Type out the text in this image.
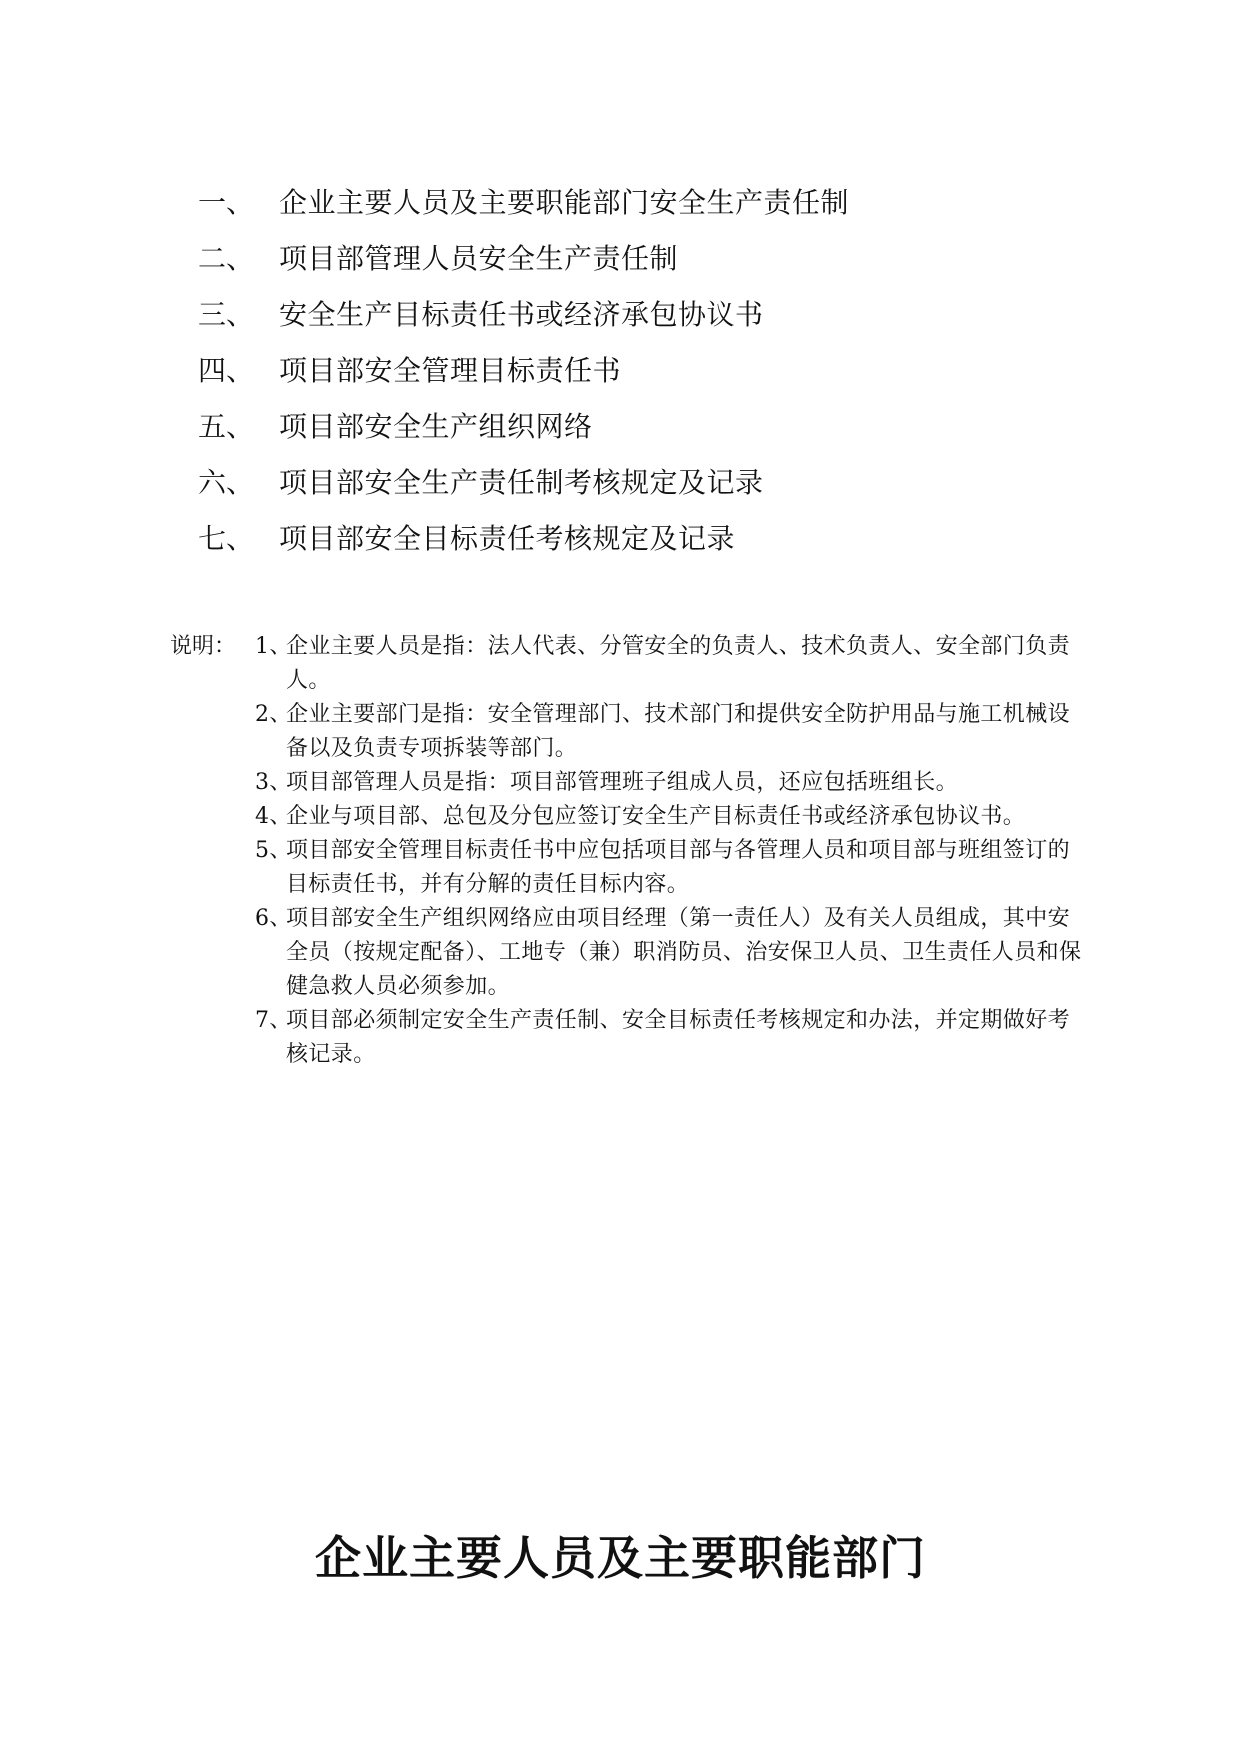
一、 企业主要人员及主要职能部门安全生产责任制
二、 项目部管理人员安全生产责任制
三、 安全生产目标责任书或经济承包协议书
四、 项目部安全管理目标责任书
五、 项目部安全生产组织网络
六、 项目部安全生产责任制考核规定及记录
七、 项目部安全目标责任考核规定及记录
说明： 1、企业主要人员是指：法人代表、分管安全的负责人、技术负责人、安全部门负责人。
2、企业主要部门是指：安全管理部门、技术部门和提供安全防护用品与施工机械设备以及负责专项拆装等部门。
3、项目部管理人员是指：项目部管理班子组成人员，还应包括班组长。
4、企业与项目部、总包及分包应签订安全生产目标责任书或经济承包协议书。
5、项目部安全管理目标责任书中应包括项目部与各管理人员和项目部与班组签订的目标责任书，并有分解的责任目标内容。
6、项目部安全生产组织网络应由项目经理（第一责任人）及有关人员组成，其中安全员（按规定配备）、工地专（兼）职消防员、治安保卫人员、卫生责任人员和保健急救人员必须参加。
7、项目部必须制定安全生产责任制、安全目标责任考核规定和办法，并定期做好考核记录。
企业主要人员及主要职能部门
